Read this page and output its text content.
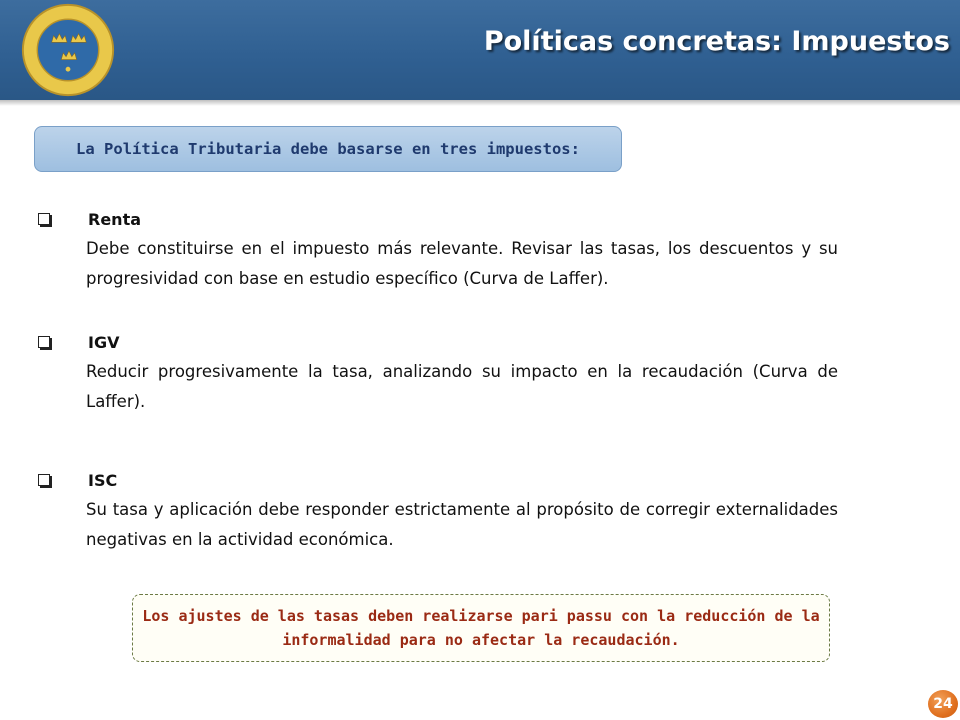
Políticas concretas: Impuestos
La Política Tributaria debe basarse en tres impuestos:
Renta
Debe constituirse en el impuesto más relevante. Revisar las tasas, los descuentos y su progresividad con base en estudio específico (Curva de Laffer).
IGV
Reducir progresivamente la tasa, analizando su impacto en la recaudación (Curva de Laffer).
ISC
Su tasa y aplicación debe responder estrictamente al propósito de corregir externalidades negativas en la actividad económica.
Los ajustes de las tasas deben realizarse pari passu con la reducción de la informalidad para no afectar la recaudación.
24
